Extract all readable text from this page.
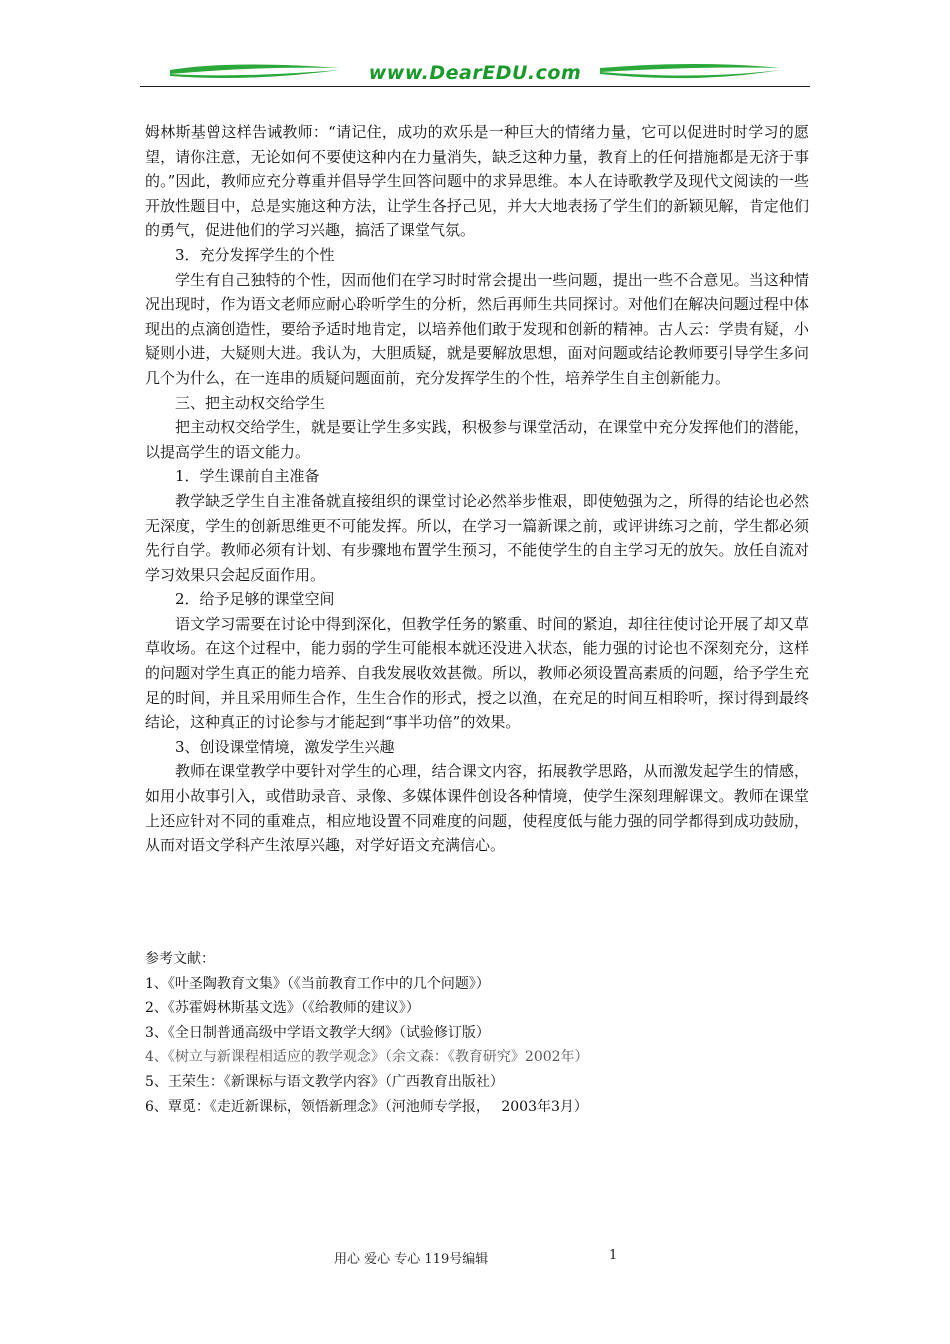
www.DearEDU.com

姆林斯基曾这样告诫教师：“请记住，成功的欢乐是一种巨大的情绪力量，它可以促进时时学习的愿望，请你注意，无论如何不要使这种内在力量消失，缺乏这种力量，教育上的任何措施都是无济于事的。”因此，教师应充分尊重并倡导学生回答问题中的求异思维。本人在诗歌教学及现代文阅读的一些开放性题目中，总是实施这种方法，让学生各抒己见，并大大地表扬了学生们的新颖见解，肯定他们的勇气，促进他们的学习兴趣，搞活了课堂气氛。

3．充分发挥学生的个性

学生有自己独特的个性，因而他们在学习时时常会提出一些问题，提出一些不合意见。当这种情况出现时，作为语文老师应耐心聆听学生的分析，然后再师生共同探讨。对他们在解决问题过程中体现出的点滴创造性，要给予适时地肯定，以培养他们敢于发现和创新的精神。古人云：学贵有疑，小疑则小进，大疑则大进。我认为，大胆质疑，就是要解放思想，面对问题或结论教师要引导学生多问几个为什么，在一连串的质疑问题面前，充分发挥学生的个性，培养学生自主创新能力。

三、把主动权交给学生

把主动权交给学生，就是要让学生多实践，积极参与课堂活动，在课堂中充分发挥他们的潜能，以提高学生的语文能力。

1．学生课前自主准备

教学缺乏学生自主准备就直接组织的课堂讨论必然举步惟艰，即使勉强为之，所得的结论也必然无深度，学生的创新思维更不可能发挥。所以，在学习一篇新课之前，或评讲练习之前，学生都必须先行自学。教师必须有计划、有步骤地布置学生预习，不能使学生的自主学习无的放矢。放任自流对学习效果只会起反面作用。

2．给予足够的课堂空间

语文学习需要在讨论中得到深化，但教学任务的繁重、时间的紧迫，却往往使讨论开展了却又草草收场。在这个过程中，能力弱的学生可能根本就还没进入状态，能力强的讨论也不深刻充分，这样的问题对学生真正的能力培养、自我发展收效甚微。所以，教师必须设置高素质的问题，给予学生充足的时间，并且采用师生合作，生生合作的形式，授之以渔，在充足的时间互相聆听，探讨得到最终结论，这种真正的讨论参与才能起到“事半功倍”的效果。

3、创设课堂情境，激发学生兴趣

教师在课堂教学中要针对学生的心理，结合课文内容，拓展教学思路，从而激发起学生的情感，如用小故事引入，或借助录音、录像、多媒体课件创设各种情境，使学生深刻理解课文。教师在课堂上还应针对不同的重难点，相应地设置不同难度的问题，使程度低与能力强的同学都得到成功鼓励，从而对语文学科产生浓厚兴趣，对学好语文充满信心。

参考文献：

1、《叶圣陶教育文集》（《当前教育工作中的几个问题》）

2、《苏霍姆林斯基文选》（《给教师的建议》）

3、《全日制普通高级中学语文教学大纲》（试验修订版）

4、《树立与新课程相适应的教学观念》（余文森：《教育研究》2002年）

5、王荣生：《新课标与语文教学内容》（广西教育出版社）

6、覃觅：《走近新课标，领悟新理念》（河池师专学报，　 2003年3月）

用心 爱心 专心 119号编辑	1
